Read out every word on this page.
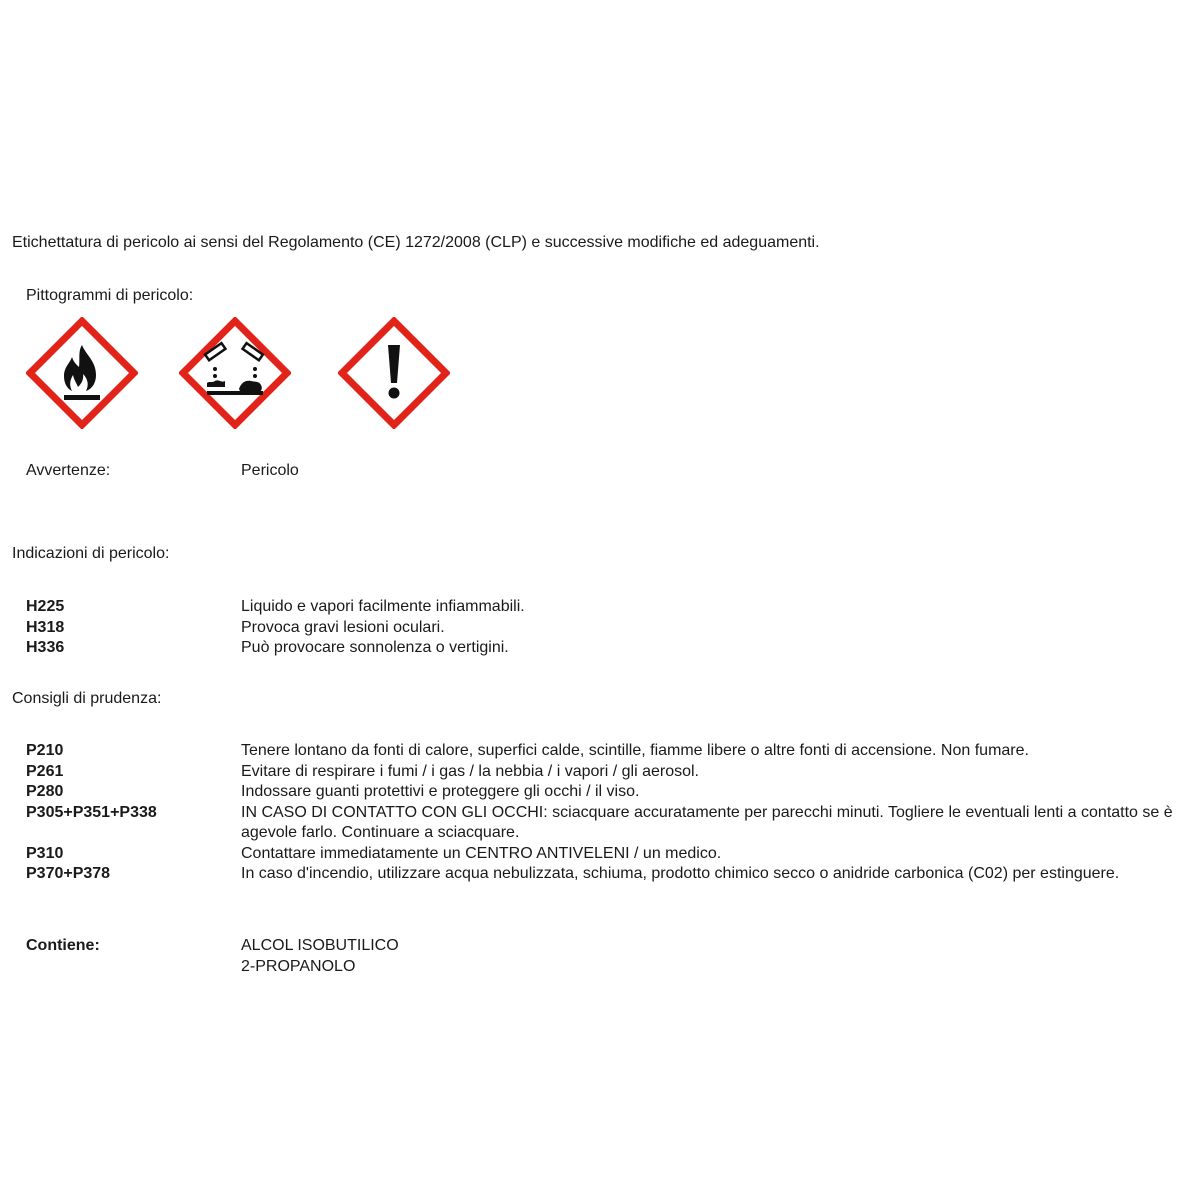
Etichettatura di pericolo ai sensi del Regolamento (CE) 1272/2008 (CLP) e successive modifiche ed adeguamenti.
Pittogrammi di pericolo:
Avvertenze:	Pericolo
Indicazioni di pericolo:
H225	Liquido e vapori facilmente infiammabili.
H318	Provoca gravi lesioni oculari.
H336	Può provocare sonnolenza o vertigini.
Consigli di prudenza:
P210	Tenere lontano da fonti di calore, superfici calde, scintille, fiamme libere o altre fonti di accensione. Non fumare.
P261	Evitare di respirare i fumi / i gas / la nebbia / i vapori / gli aerosol.
P280	Indossare guanti protettivi e proteggere gli occhi / il viso.
P305+P351+P338	IN CASO DI CONTATTO CON GLI OCCHI: sciacquare accuratamente per parecchi minuti. Togliere le eventuali lenti a contatto se è agevole farlo. Continuare a sciacquare.
P310	Contattare immediatamente un CENTRO ANTIVELENI / un medico.
P370+P378	In caso d'incendio, utilizzare acqua nebulizzata, schiuma, prodotto chimico secco o anidride carbonica (C02) per estinguere.
Contiene:	ALCOL ISOBUTILICO
2-PROPANOLO
